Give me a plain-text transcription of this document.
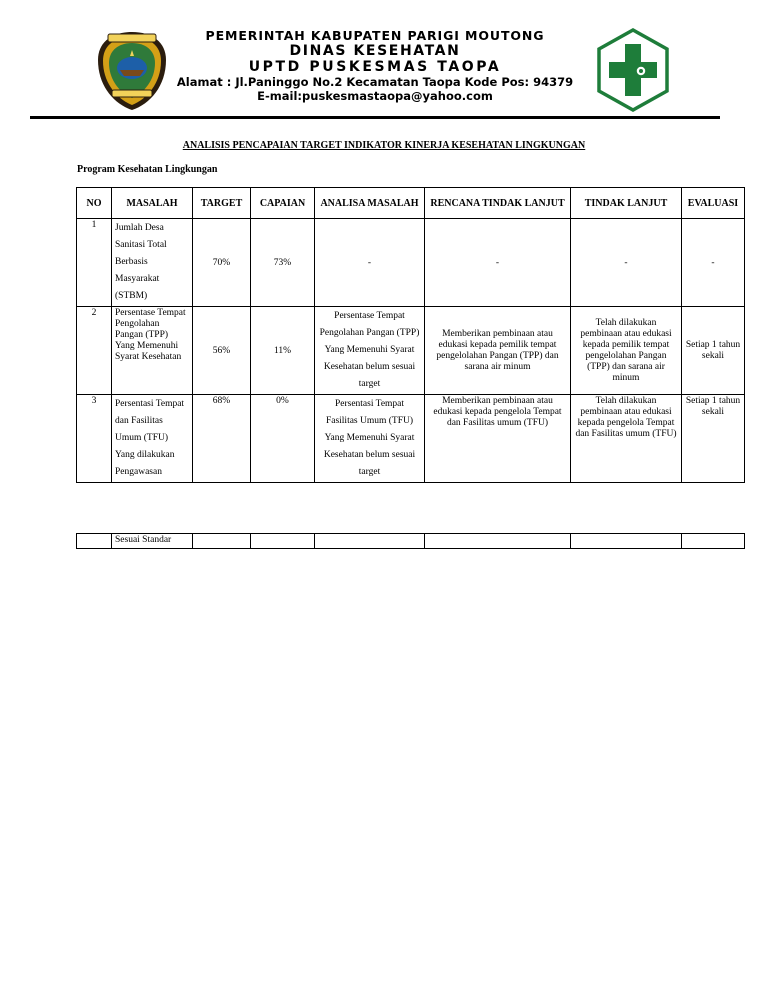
PEMERINTAH KABUPATEN PARIGI MOUTONG
DINAS KESEHATAN
UPTD PUSKESMAS TAOPA
Alamat : Jl.Paninggo No.2 Kecamatan Taopa Kode Pos: 94379
E-mail:puskesmastaopa@yahoo.com
ANALISIS PENCAPAIAN TARGET INDIKATOR KINERJA KESEHATAN LINGKUNGAN
Program Kesehatan Lingkungan
NO	MASALAH	TARGET	CAPAIAN	ANALISA MASALAH	RENCANA TINDAK LANJUT	TINDAK LANJUT	EVALUASI
1	Jumlah Desa Sanitasi Total Berbasis Masyarakat (STBM)	70%	73%	-	-	-	-
2	Persentase Tempat Pengolahan Pangan (TPP) Yang Memenuhi Syarat Kesehatan	56%	11%	Persentase Tempat Pengolahan Pangan (TPP) Yang Memenuhi Syarat Kesehatan belum sesuai target	Memberikan pembinaan atau edukasi kepada pemilik tempat pengelolahan Pangan (TPP) dan sarana air minum	Telah dilakukan pembinaan atau edukasi kepada pemilik tempat pengelolahan Pangan (TPP) dan sarana air minum	Setiap 1 tahun sekali
3	Persentasi Tempat dan Fasilitas Umum (TFU) Yang dilakukan Pengawasan	68%	0%	Persentasi Tempat Fasilitas Umum (TFU) Yang Memenuhi Syarat Kesehatan belum sesuai target	Memberikan pembinaan atau edukasi kepada pengelola Tempat dan Fasilitas umum (TFU)	Telah dilakukan pembinaan atau edukasi kepada pengelola Tempat dan Fasilitas umum (TFU)	Setiap 1 tahun sekali
	Sesuai Standar						
